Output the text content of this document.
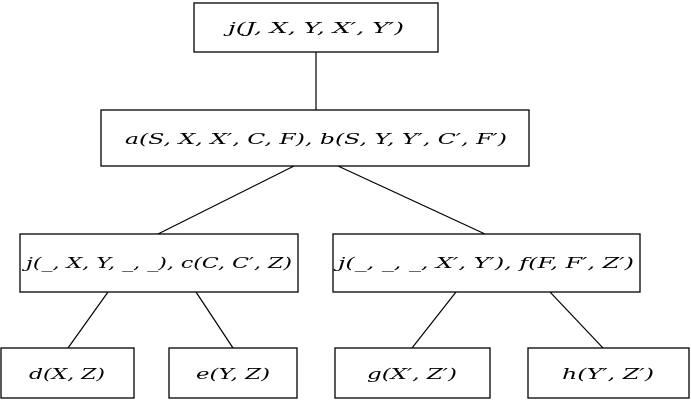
j(J, X, Y, X′, Y′)
a(S, X, X′, C, F), b(S, Y, Y′, C′, F′)
j(_, X, Y, _, _), c(C, C′, Z)	j(_, _, _, X′, Y′), f(F, F′, Z′)
d(X, Z)	e(Y, Z)	g(X′, Z′)	h(Y′, Z′)
